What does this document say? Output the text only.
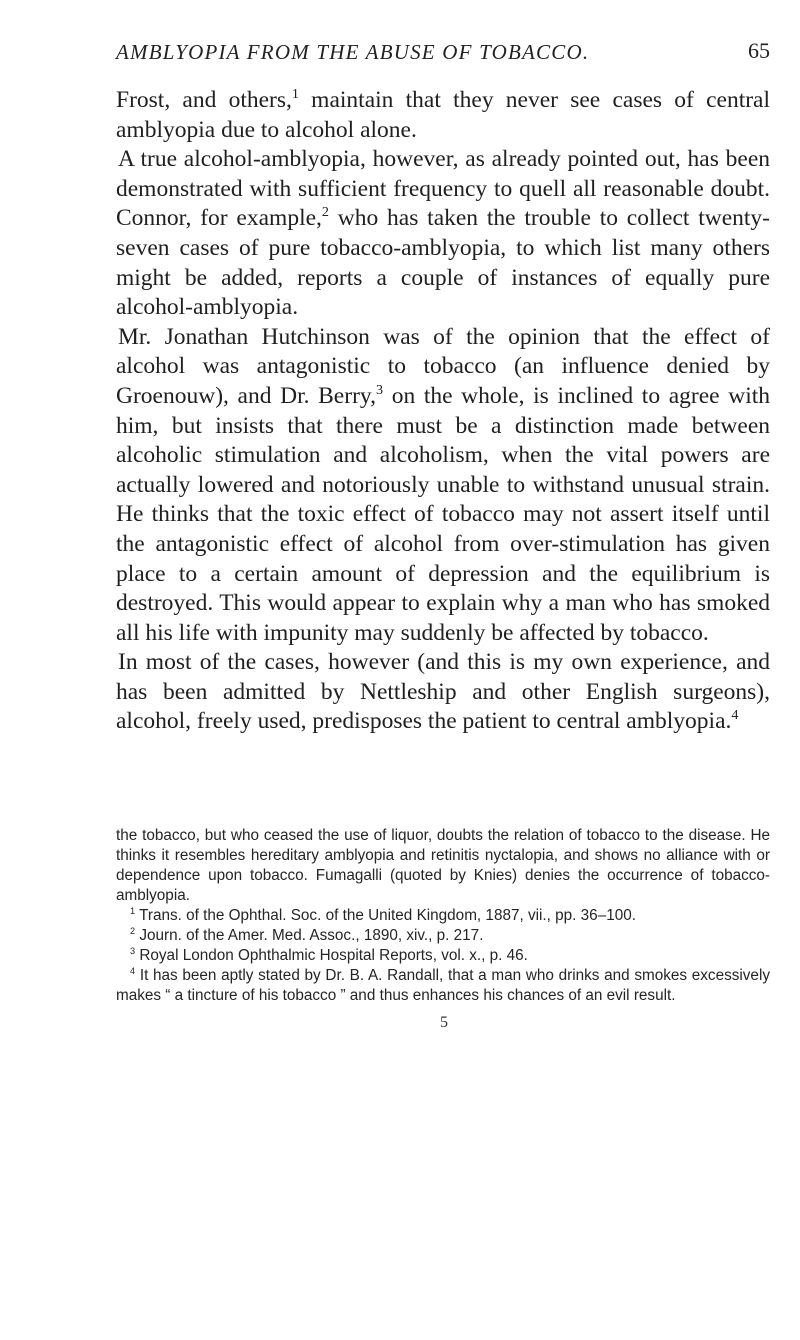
AMBLYOPIA FROM THE ABUSE OF TOBACCO.	65

Frost, and others,$^1$ maintain that they never see cases of central amblyopia due to alcohol alone.

A true alcohol-amblyopia, however, as already pointed out, has been demonstrated with sufficient frequency to quell all reasonable doubt. Connor, for example,$^2$ who has taken the trouble to collect twenty-seven cases of pure tobacco-amblyopia, to which list many others might be added, reports a couple of instances of equally pure alcohol-amblyopia.

Mr. Jonathan Hutchinson was of the opinion that the effect of alcohol was antagonistic to tobacco (an influence denied by Groenouw), and Dr. Berry,$^3$ on the whole, is inclined to agree with him, but insists that there must be a distinction made between alcoholic stimulation and alcoholism, when the vital powers are actually lowered and notoriously unable to withstand unusual strain. He thinks that the toxic effect of tobacco may not assert itself until the antagonistic effect of alcohol from over-stimulation has given place to a certain amount of depression and the equilibrium is destroyed. This would appear to explain why a man who has smoked all his life with impunity may suddenly be affected by tobacco.

In most of the cases, however (and this is my own experience, and has been admitted by Nettleship and other English surgeons), alcohol, freely used, predisposes the patient to central amblyopia.$^4$

the tobacco, but who ceased the use of liquor, doubts the relation of tobacco to the disease. He thinks it resembles hereditary amblyopia and retinitis nyctalopia, and shows no alliance with or dependence upon tobacco. Fumagalli (quoted by Knies) denies the occurrence of tobacco-amblyopia.

$^1$ Trans. of the Ophthal. Soc. of the United Kingdom, 1887, vii., pp. 36–100.

$^2$ Journ. of the Amer. Med. Assoc., 1890, xiv., p. 217.

$^3$ Royal London Ophthalmic Hospital Reports, vol. x., p. 46.

$^4$ It has been aptly stated by Dr. B. A. Randall, that a man who drinks and smokes excessively makes “ a tincture of his tobacco ” and thus enhances his chances of an evil result.

5
